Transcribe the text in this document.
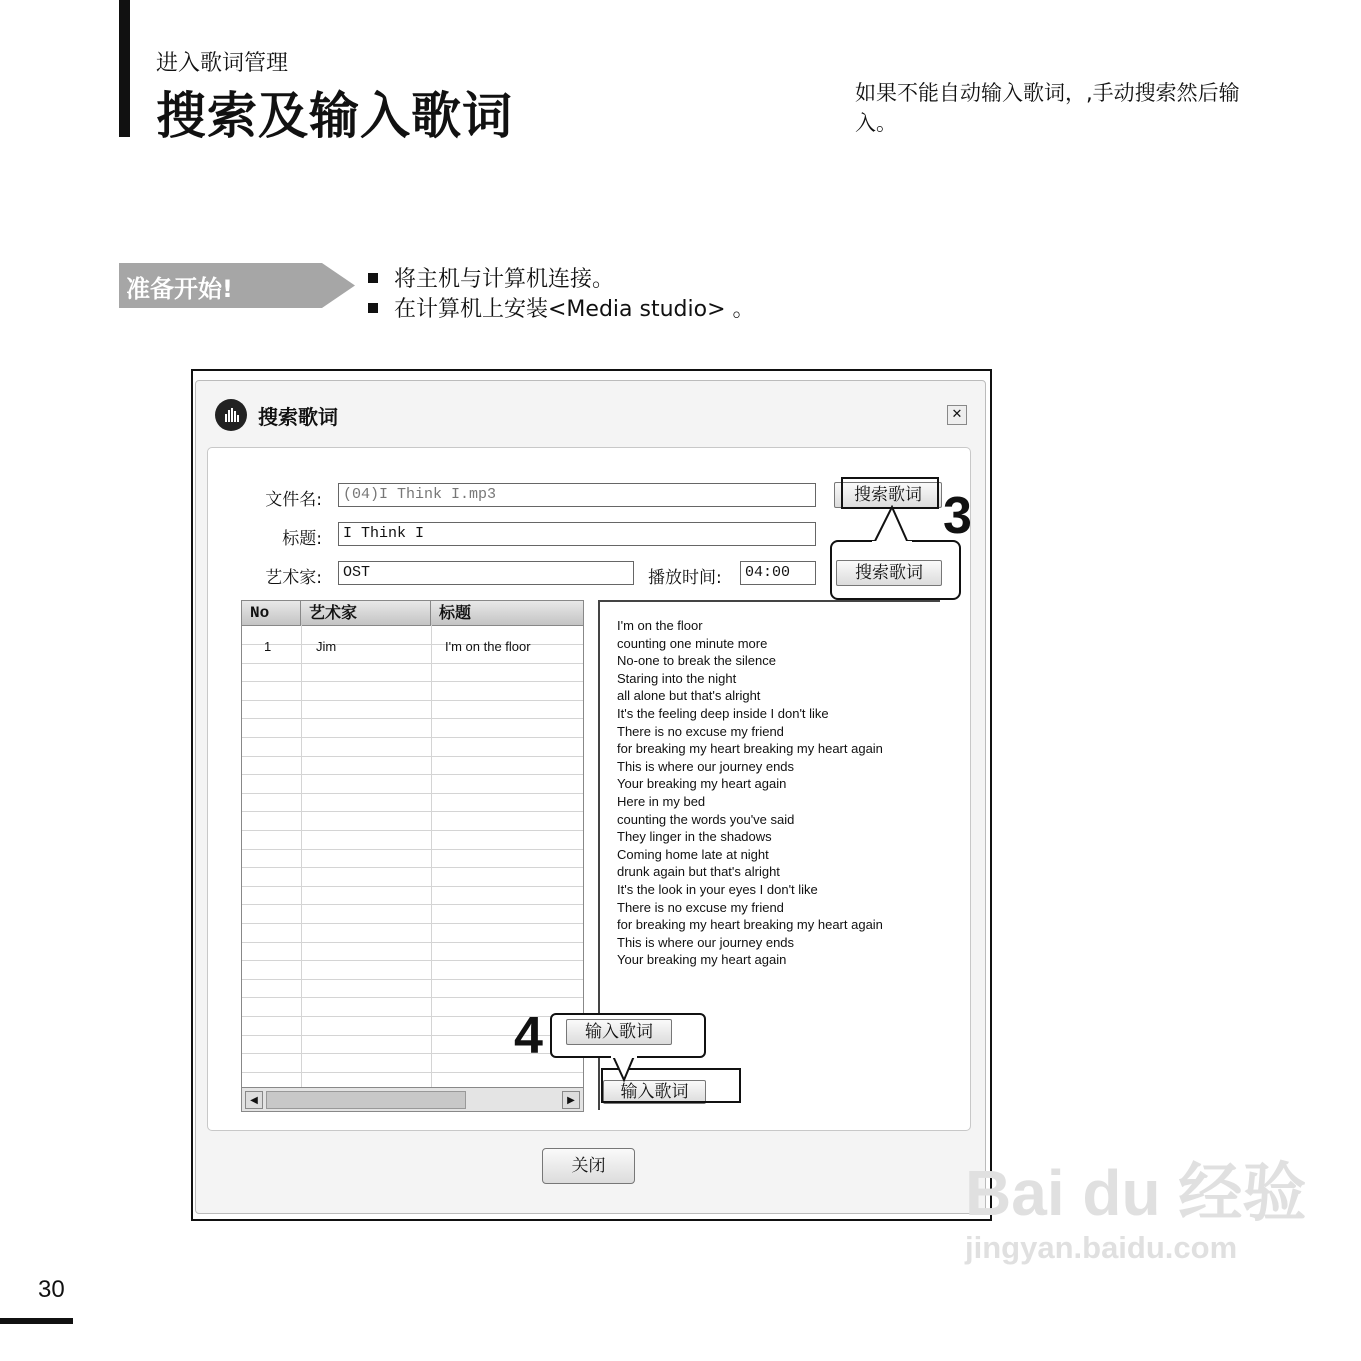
进入歌词管理
搜索及输入歌词	如果不能自动输入歌词，,手动搜索然后输入。
准备开始!	将主机与计算机连接。
在计算机上安装<Media studio> 。
搜索歌词	✕
文件名:	(04)I Think I.mp3
标题:	I Think I
艺术家:	OST	播放时间:	04:00
搜索歌词
搜索歌词
3
No	艺术家	标题
1	Jim	I'm on the floor
◀	▶
I'm on the floor
counting one minute more
No-one to break the silence
Staring into the night
all alone but that's alright
It's the feeling deep inside I don't like
There is no excuse my friend
for breaking my heart breaking my heart again
This is where our journey ends
Your breaking my heart again
Here in my bed
counting the words you've said
They linger in the shadows
Coming home late at night
drunk again but that's alright
It's the look in your eyes I don't like
There is no excuse my friend
for breaking my heart breaking my heart again
This is where our journey ends
Your breaking my heart again
输入歌词
输入歌词
4
关闭
30
Bai du 经验
jingyan.baidu.com
